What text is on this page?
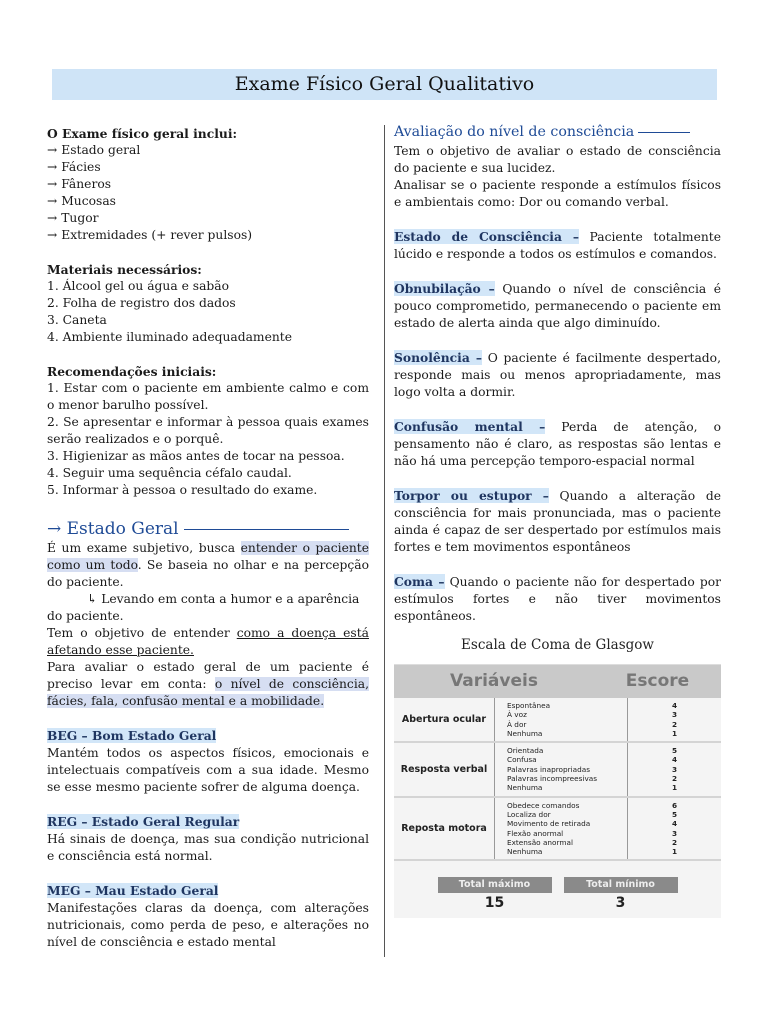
Exame Físico Geral Qualitativo

O Exame físico geral inclui:

→ Estado geral

→ Fácies

→ Fâneros

→ Mucosas

→ Tugor

→ Extremidades (+ rever pulsos)

Materiais necessários:

1. Álcool gel ou água e sabão

2. Folha de registro dos dados

3. Caneta

4. Ambiente iluminado adequadamente

Recomendações iniciais:

1. Estar com o paciente em ambiente calmo e com o menor barulho possível.

2. Se apresentar e informar à pessoa quais exames serão realizados e o porquê.

3. Higienizar as mãos antes de tocar na pessoa.

4. Seguir uma sequência céfalo caudal.

5. Informar à pessoa o resultado do exame.

→ Estado Geral

É um exame subjetivo, busca entender o paciente como um todo. Se baseia no olhar e na percepção do paciente.

↳ Levando em conta a humor e a aparência do paciente.

Tem o objetivo de entender como a doença está afetando esse paciente.

Para avaliar o estado geral de um paciente é preciso levar em conta: o nível de consciência, fácies, fala, confusão mental e a mobilidade.

BEG – Bom Estado Geral

Mantém todos os aspectos físicos, emocionais e intelectuais compatíveis com a sua idade. Mesmo se esse mesmo paciente sofrer de alguma doença.

REG – Estado Geral Regular

Há sinais de doença, mas sua condição nutricional e consciência está normal.

MEG – Mau Estado Geral

Manifestações claras da doença, com alterações nutricionais, como perda de peso, e alterações no nível de consciência e estado mental

Avaliação do nível de consciência

Tem o objetivo de avaliar o estado de consciência do paciente e sua lucidez.

Analisar se o paciente responde a estímulos físicos e ambientais como: Dor ou comando verbal.

Estado de Consciência – Paciente totalmente lúcido e responde a todos os estímulos e comandos.

Obnubilação – Quando o nível de consciência é pouco comprometido, permanecendo o paciente em estado de alerta ainda que algo diminuído.

Sonolência – O paciente é facilmente despertado, responde mais ou menos apropriadamente, mas logo volta a dormir.

Confusão mental – Perda de atenção, o pensamento não é claro, as respostas são lentas e não há uma percepção temporo-espacial normal

Torpor ou estupor – Quando a alteração de consciência for mais pronunciada, mas o paciente ainda é capaz de ser despertado por estímulos mais fortes e tem movimentos espontâneos

Coma – Quando o paciente não for despertado por estímulos fortes e não tiver movimentos espontâneos.

Escala de Coma de Glasgow
Variáveis	Escore
Abertura ocular
Espontânea
À voz
À dor
Nenhuma
4
3
2
1
Resposta verbal
Orientada
Confusa
Palavras inapropriadas
Palavras incompreesivas
Nenhuma
5
4
3
2
1
Reposta motora
Obedece comandos
Localiza dor
Movimento de retirada
Flexão anormal
Extensão anormal
Nenhuma
6
5
4
3
2
1
Total máximo
15
Total mínimo
3
